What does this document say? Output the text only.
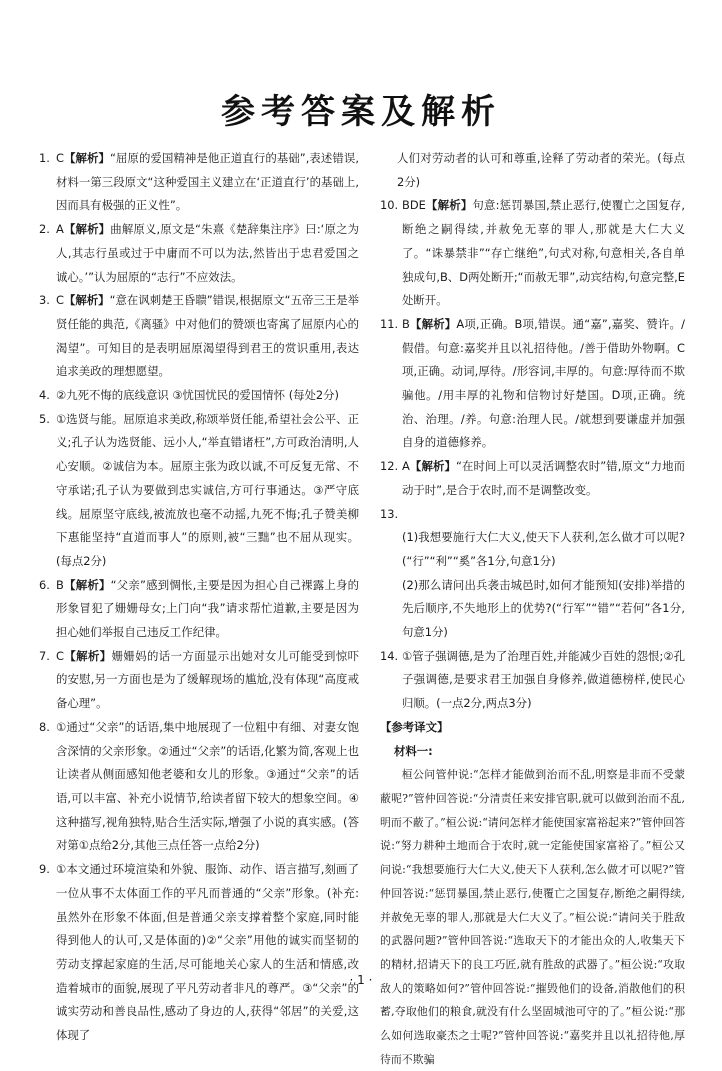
参考答案及解析
1. C【解析】“屈原的爱国精神是他正道直行的基础”,表述错误,材料一第三段原文“这种爱国主义建立在‘正道直行’的基础上,因而具有极强的正义性”。
2. A【解析】曲解原义,原文是“朱熹《楚辞集注序》曰:‘原之为人,其志行虽或过于中庸而不可以为法,然皆出于忠君爱国之诚心。’”认为屈原的“志行”不应效法。
3. C【解析】“意在讽刺楚王昏聩”错误,根据原文“五帝三王是举贤任能的典范,《离骚》中对他们的赞颂也寄寓了屈原内心的渴望”。可知目的是表明屈原渴望得到君王的赏识重用,表达追求美政的理想愿望。
4. ②九死不悔的底线意识 ③忧国忧民的爱国情怀 (每处2分)
5. ①选贤与能。屈原追求美政,称颂举贤任能,希望社会公平、正义;孔子认为选贤能、远小人,“举直错诸枉”,方可政治清明,人心安顺。②诚信为本。屈原主张为政以诚,不可反复无常、不守承诺;孔子认为要做到忠实诚信,方可行事通达。③严守底线。屈原坚守底线,被流放也毫不动摇,九死不悔;孔子赞美柳下惠能坚持“直道而事人”的原则,被“三黜”也不屈从现实。(每点2分)
6. B【解析】“父亲”感到惆怅,主要是因为担心自己裸露上身的形象冒犯了姗姗母女;上门向“我”请求帮忙道歉,主要是因为担心她们举报自己违反工作纪律。
7. C【解析】姗姗妈的话一方面显示出她对女儿可能受到惊吓的安慰,另一方面也是为了缓解现场的尴尬,没有体现“高度戒备心理”。
8. ①通过“父亲”的话语,集中地展现了一位粗中有细、对妻女饱含深情的父亲形象。②通过“父亲”的话语,化繁为简,客观上也让读者从侧面感知他老婆和女儿的形象。③通过“父亲”的话语,可以丰富、补充小说情节,给读者留下较大的想象空间。④这种描写,视角独特,贴合生活实际,增强了小说的真实感。(答对第①点给2分,其他三点任答一点给2分)
9. ①本文通过环境渲染和外貌、服饰、动作、语言描写,刻画了一位从事不太体面工作的平凡而普通的“父亲”形象。(补充:虽然外在形象不体面,但是普通父亲支撑着整个家庭,同时能得到他人的认可,又是体面的)②“父亲”用他的诚实而坚韧的劳动支撑起家庭的生活,尽可能地关心家人的生活和情感,改造着城市的面貌,展现了平凡劳动者非凡的尊严。③“父亲”的诚实劳动和善良品性,感动了身边的人,获得“邻居”的关爱,这体现了
人们对劳动者的认可和尊重,诠释了劳动者的荣光。(每点2分)
10. BDE【解析】句意:惩罚暴国,禁止恶行,使覆亡之国复存,断绝之嗣得续,并赦免无辜的罪人,那就是大仁大义了。“诛暴禁非”“存亡继绝”,句式对称,句意相关,各自单独成句,B、D两处断开;“而赦无罪”,动宾结构,句意完整,E处断开。
11. B【解析】A项,正确。B项,错误。通“嘉”,嘉奖、赞许。/假借。句意:嘉奖并且以礼招待他。/善于借助外物啊。C项,正确。动词,厚待。/形容词,丰厚的。句意:厚待而不欺骗他。/用丰厚的礼物和信物讨好楚国。D项,正确。统治、治理。/养。句意:治理人民。/就想到要谦虚并加强自身的道德修养。
12. A【解析】“在时间上可以灵活调整农时”错,原文“力地而动于时”,是合于农时,而不是调整改变。

13.
(1)我想要施行大仁大义,使天下人获利,怎么做才可以呢?(“行”“利”“奚”各1分,句意1分)
(2)那么请问出兵袭击城邑时,如何才能预知(安排)举措的先后顺序,不失地形上的优势?(“行军”“错”“若何”各1分,句意1分)

14. ①管子强调德,是为了治理百姓,并能减少百姓的怨恨;②孔子强调德,是要求君王加强自身修养,做道德榜样,使民心归顺。(一点2分,两点3分)
【参考译文】
材料一:
桓公问管仲说:“怎样才能做到治而不乱,明察是非而不受蒙蔽呢?”管仲回答说:“分清责任来安排官职,就可以做到治而不乱,明而不蔽了。”桓公说:“请问怎样才能使国家富裕起来?”管仲回答说:“努力耕种土地而合于农时,就一定能使国家富裕了。”桓公又问说:“我想要施行大仁大义,使天下人获利,怎么做才可以呢?”管仲回答说:“惩罚暴国,禁止恶行,使覆亡之国复存,断绝之嗣得续,并赦免无辜的罪人,那就是大仁大义了。”桓公说:“请问关于胜敌的武器问题?”管仲回答说:“选取天下的才能出众的人,收集天下的精材,招请天下的良工巧匠,就有胜敌的武器了。”桓公说:“攻取敌人的策略如何?”管仲回答说:“摧毁他们的设备,消散他们的积蓄,夺取他们的粮食,就没有什么坚固城池可守的了。”桓公说:“那么如何选取豪杰之士呢?”管仲回答说:“嘉奖并且以礼招待他,厚待而不欺骗
· 1 ·
